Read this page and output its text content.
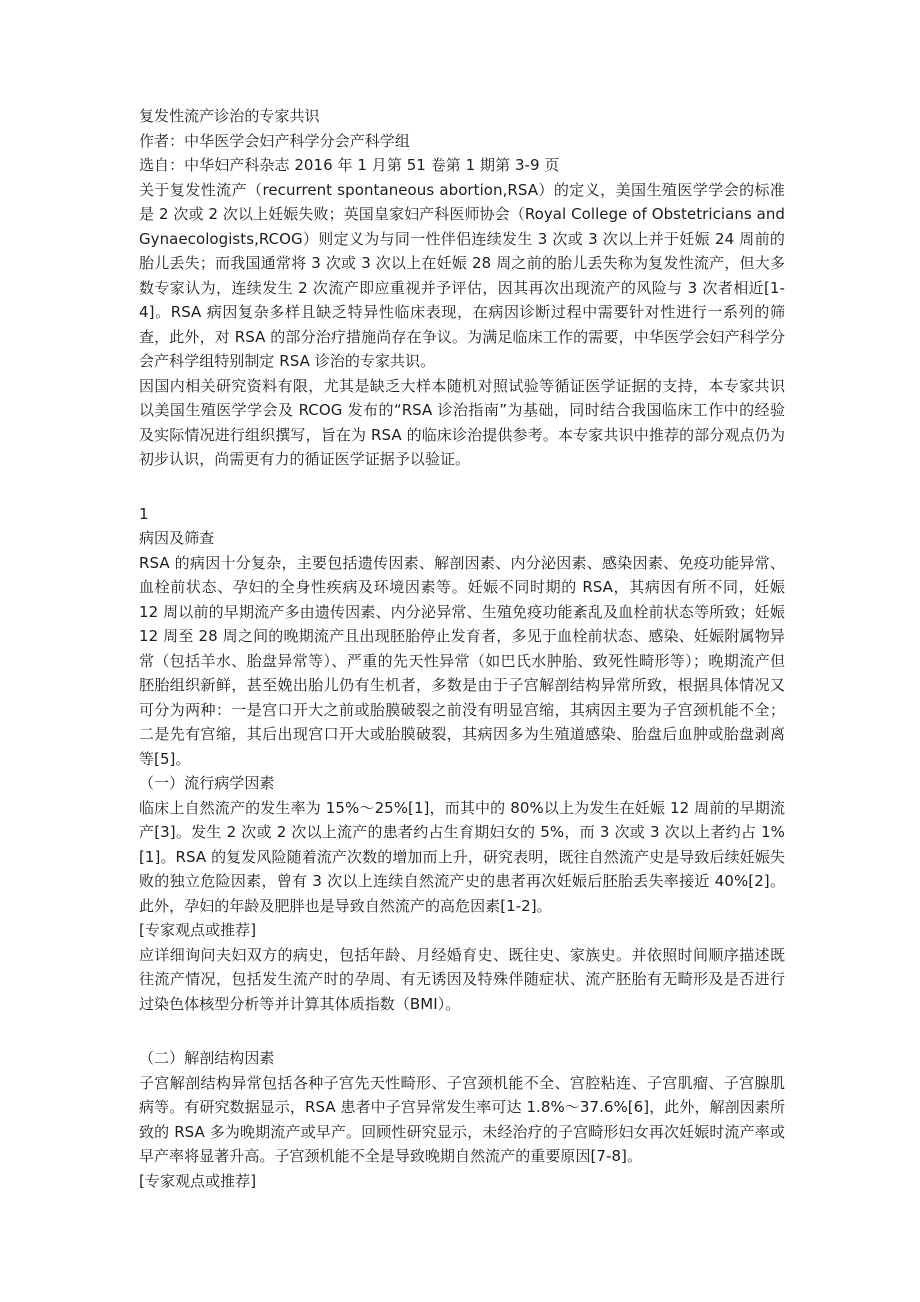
复发性流产诊治的专家共识

作者：中华医学会妇产科学分会产科学组

选自：中华妇产科杂志 2016 年 1 月第 51 卷第 1 期第 3-9 页

关于复发性流产（recurrent spontaneous abortion,RSA）的定义，美国生殖医学学会的标准是 2 次或 2 次以上妊娠失败；英国皇家妇产科医师协会（Royal College of Obstetricians and Gynaecologists,RCOG）则定义为与同一性伴侣连续发生 3 次或 3 次以上并于妊娠 24 周前的胎儿丢失；而我国通常将 3 次或 3 次以上在妊娠 28 周之前的胎儿丢失称为复发性流产，但大多数专家认为，连续发生 2 次流产即应重视并予评估，因其再次出现流产的风险与 3 次者相近[1-4]。RSA 病因复杂多样且缺乏特异性临床表现，在病因诊断过程中需要针对性进行一系列的筛查，此外，对 RSA 的部分治疗措施尚存在争议。为满足临床工作的需要，中华医学会妇产科学分会产科学组特别制定 RSA 诊治的专家共识。

因国内相关研究资料有限，尤其是缺乏大样本随机对照试验等循证医学证据的支持，本专家共识以美国生殖医学学会及 RCOG 发布的“RSA 诊治指南”为基础，同时结合我国临床工作中的经验及实际情况进行组织撰写，旨在为 RSA 的临床诊治提供参考。本专家共识中推荐的部分观点仍为初步认识，尚需更有力的循证医学证据予以验证。

1

病因及筛查

RSA 的病因十分复杂，主要包括遗传因素、解剖因素、内分泌因素、感染因素、免疫功能异常、血栓前状态、孕妇的全身性疾病及环境因素等。妊娠不同时期的 RSA，其病因有所不同，妊娠 12 周以前的早期流产多由遗传因素、内分泌异常、生殖免疫功能紊乱及血栓前状态等所致；妊娠 12 周至 28 周之间的晚期流产且出现胚胎停止发育者，多见于血栓前状态、感染、妊娠附属物异常（包括羊水、胎盘异常等）、严重的先天性异常（如巴氏水肿胎、致死性畸形等）；晚期流产但胚胎组织新鲜，甚至娩出胎儿仍有生机者，多数是由于子宫解剖结构异常所致，根据具体情况又可分为两种：一是宫口开大之前或胎膜破裂之前没有明显宫缩，其病因主要为子宫颈机能不全；二是先有宫缩，其后出现宫口开大或胎膜破裂，其病因多为生殖道感染、胎盘后血肿或胎盘剥离等[5]。

（一）流行病学因素

临床上自然流产的发生率为 15%～25%[1]，而其中的 80%以上为发生在妊娠 12 周前的早期流产[3]。发生 2 次或 2 次以上流产的患者约占生育期妇女的 5%，而 3 次或 3 次以上者约占 1%[1]。RSA 的复发风险随着流产次数的增加而上升，研究表明，既往自然流产史是导致后续妊娠失败的独立危险因素，曾有 3 次以上连续自然流产史的患者再次妊娠后胚胎丢失率接近 40%[2]。此外，孕妇的年龄及肥胖也是导致自然流产的高危因素[1-2]。

[专家观点或推荐]

应详细询问夫妇双方的病史，包括年龄、月经婚育史、既往史、家族史。并依照时间顺序描述既往流产情况，包括发生流产时的孕周、有无诱因及特殊伴随症状、流产胚胎有无畸形及是否进行过染色体核型分析等并计算其体质指数（BMI）。

（二）解剖结构因素

子宫解剖结构异常包括各种子宫先天性畸形、子宫颈机能不全、宫腔粘连、子宫肌瘤、子宫腺肌病等。有研究数据显示，RSA 患者中子宫异常发生率可达 1.8%～37.6%[6]，此外，解剖因素所致的 RSA 多为晚期流产或早产。回顾性研究显示，未经治疗的子宫畸形妇女再次妊娠时流产率或早产率将显著升高。子宫颈机能不全是导致晚期自然流产的重要原因[7-8]。

[专家观点或推荐]
